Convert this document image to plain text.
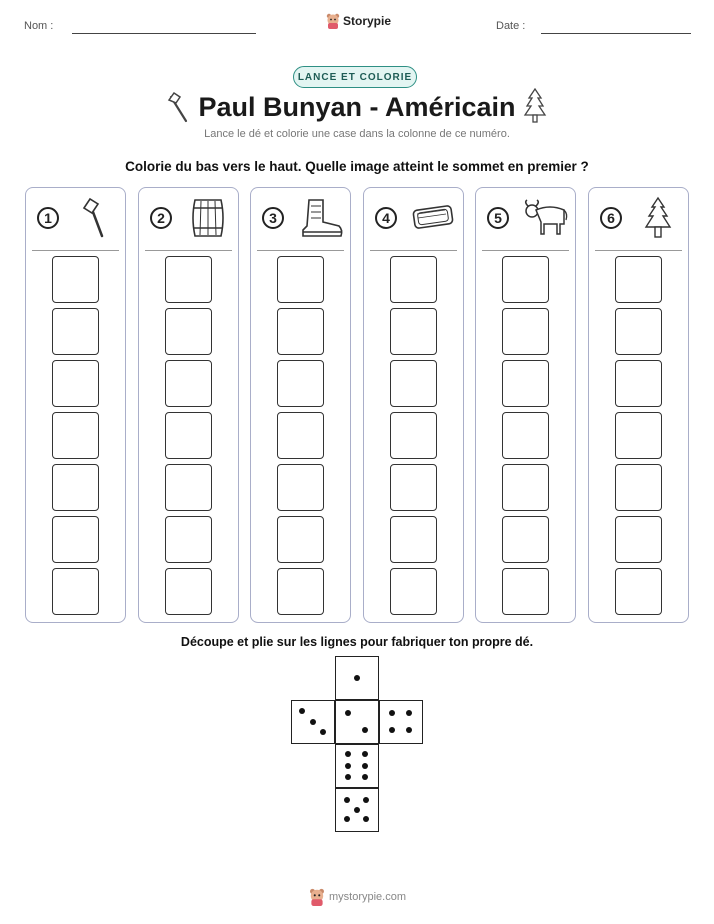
Nom :	Storypie	Date :
LANCE ET COLORIE
Paul Bunyan - Américain
Lance le dé et colorie une case dans la colonne de ce numéro.
Colorie du bas vers le haut. Quelle image atteint le sommet en premier ?
1	2	3	4	5	6
Découpe et plie sur les lignes pour fabriquer ton propre dé.
mystorypie.com
